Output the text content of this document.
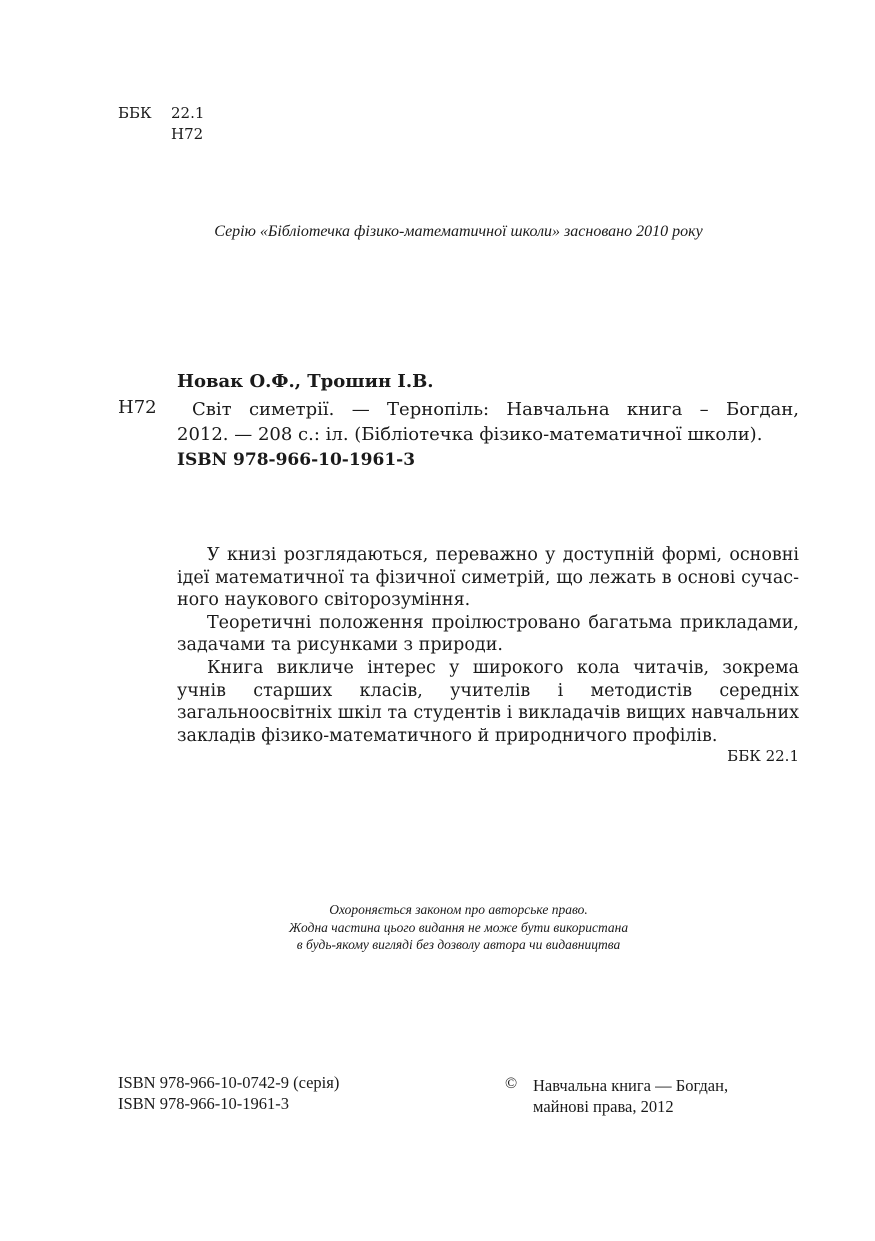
ББК 22.1
Н72
Серію «Бібліотечка фізико-математичної школи» засновано 2010 року
Новак О.Ф., Трошин І.В.
Н72	Світ симетрії. — Тернопіль: Навчальна книга – Богдан,
2012. — 208 с.: іл. (Бібліотечка фізико-математичної школи).
ISBN 978-966-10-1961-3

У книзі розглядаються, переважно у доступній формі, основні ідеї математичної та фізичної симетрій, що лежать в основі сучасного наукового світорозуміння.

Теоретичні положення проілюстровано багатьма прикладами, задачами та рисунками з природи.

Книга викличе інтерес у широкого кола читачів, зокрема учнів старших класів, учителів і методистів середніх загальноосвітніх шкіл та студентів і викладачів вищих навчальних закладів фізико-математичного й природничого профілів.

ББК 22.1
Охороняється законом про авторське право.
Жодна частина цього видання не може бути використана
в будь-якому вигляді без дозволу автора чи видавництва
ISBN 978-966-10-0742-9 (серія)
ISBN 978-966-10-1961-3
© Навчальна книга — Богдан,
майнові права, 2012
